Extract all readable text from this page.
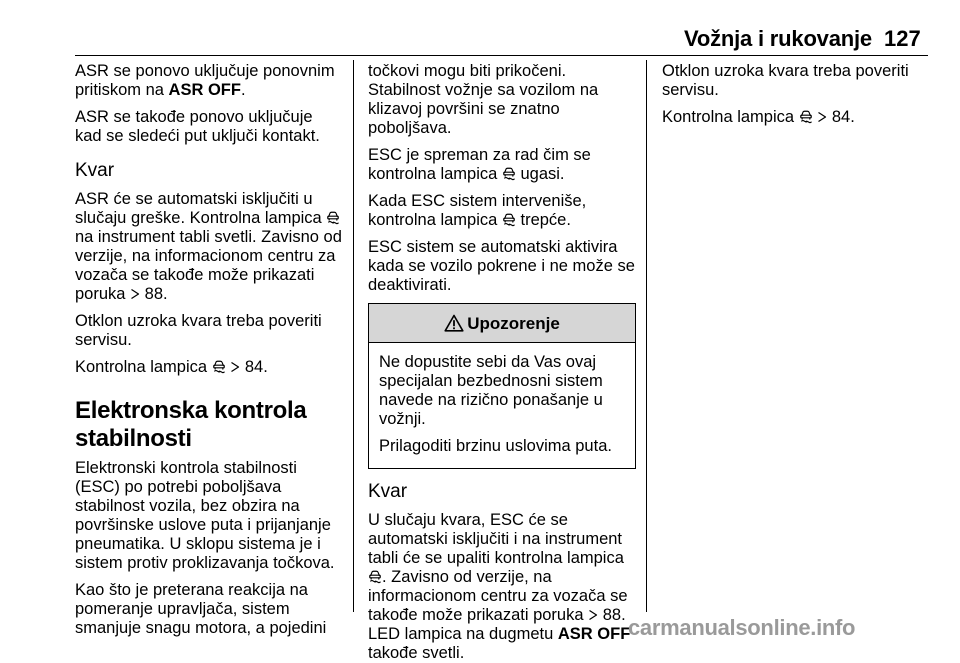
Vožnja i rukovanje 127

ASR se ponovo uključuje ponovnim pritiskom na ASR OFF.

ASR se takođe ponovo uključuje kad se sledeći put uključi kontakt.

Kvar

ASR će se automatski isključiti u slučaju greške. Kontrolna lampica  na instrument tabli svetli. Zavisno od verzije, na informacionom centru za vozača se takođe može prikazati poruka  88.

Otklon uzroka kvara treba poveriti servisu.

Kontrolna lampica   84.

Elektronska kontrola stabilnosti

Elektronski kontrola stabilnosti (ESC) po potrebi poboljšava stabilnost vozila, bez obzira na površinske uslove puta i prijanjanje pneumatika. U sklopu sistema je i sistem protiv proklizavanja točkova.

Kao što je preterana reakcija na pomeranje upravljača, sistem smanjuje snagu motora, a pojedini

točkovi mogu biti prikočeni. Stabilnost vožnje sa vozilom na klizavoj površini se znatno poboljšava.

ESC je spreman za rad čim se kontrolna lampica  ugasi.

Kada ESC sistem interveniše, kontrolna lampica  trepće.

ESC sistem se automatski aktivira kada se vozilo pokrene i ne može se deaktivirati.

Upozorenje

Ne dopustite sebi da Vas ovaj specijalan bezbednosni sistem navede na rizično ponašanje u vožnji.

Prilagoditi brzinu uslovima puta.

Kvar

U slučaju kvara, ESC će se automatski isključiti i na instrument tabli će se upaliti kontrolna lampica . Zavisno od verzije, na informacionom centru za vozača se takođe može prikazati poruka  88.

LED lampica na dugmetu ASR OFF takođe svetli.

Otklon uzroka kvara treba poveriti servisu.

Kontrolna lampica   84.

carmanualsonline.info
